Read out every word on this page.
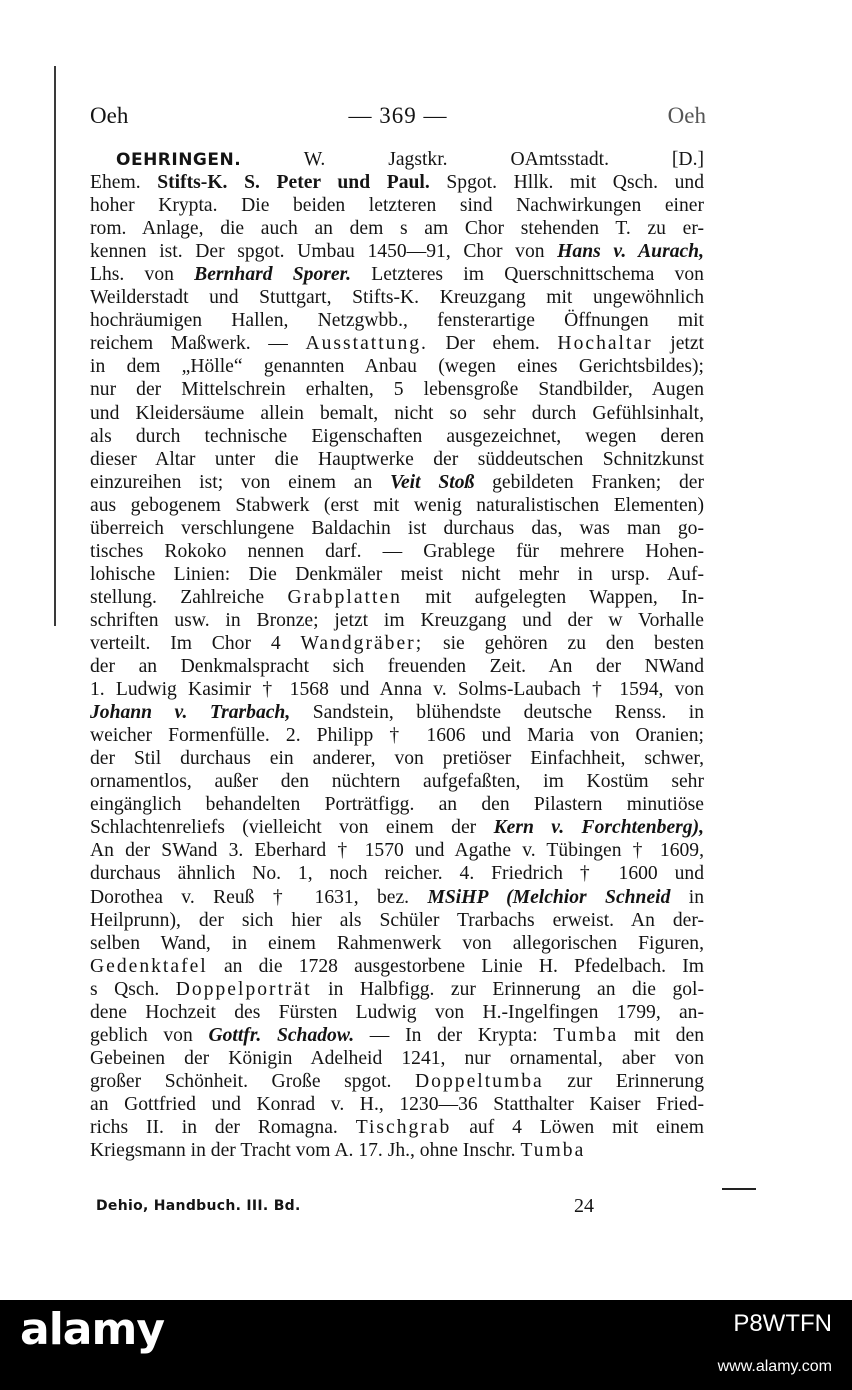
Oeh	— 369 —	Oeh
OEHRINGEN. W. Jagstkr. OAmtsstadt. [D.]
Ehem. Stifts-K. S. Peter und Paul. Spgot. Hllk. mit Qsch. und
hoher Krypta. Die beiden letzteren sind Nachwirkungen einer
rom. Anlage, die auch an dem s am Chor stehenden T. zu er-
kennen ist. Der spgot. Umbau 1450—91, Chor von Hans v. Aurach,
Lhs. von Bernhard Sporer. Letzteres im Querschnittschema von
Weilderstadt und Stuttgart, Stifts-K. Kreuzgang mit ungewöhnlich
hochräumigen Hallen, Netzgwbb., fensterartige Öffnungen mit
reichem Maßwerk. — Ausstattung. Der ehem. Hochaltar jetzt
in dem „Hölle“ genannten Anbau (wegen eines Gerichtsbildes);
nur der Mittelschrein erhalten, 5 lebensgroße Standbilder, Augen
und Kleidersäume allein bemalt, nicht so sehr durch Gefühlsinhalt,
als durch technische Eigenschaften ausgezeichnet, wegen deren
dieser Altar unter die Hauptwerke der süddeutschen Schnitzkunst
einzureihen ist; von einem an Veit Stoß gebildeten Franken; der
aus gebogenem Stabwerk (erst mit wenig naturalistischen Elementen)
überreich verschlungene Baldachin ist durchaus das, was man go-
tisches Rokoko nennen darf. — Grablege für mehrere Hohen-
lohische Linien: Die Denkmäler meist nicht mehr in ursp. Auf-
stellung. Zahlreiche Grabplatten mit aufgelegten Wappen, In-
schriften usw. in Bronze; jetzt im Kreuzgang und der w Vorhalle
verteilt. Im Chor 4 Wandgräber; sie gehören zu den besten
der an Denkmalspracht sich freuenden Zeit. An der NWand
1. Ludwig Kasimir † 1568 und Anna v. Solms-Laubach † 1594, von
Johann v. Trarbach, Sandstein, blühendste deutsche Renss. in
weicher Formenfülle. 2. Philipp † 1606 und Maria von Oranien;
der Stil durchaus ein anderer, von pretiöser Einfachheit, schwer,
ornamentlos, außer den nüchtern aufgefaßten, im Kostüm sehr
eingänglich behandelten Porträtfigg. an den Pilastern minutiöse
Schlachtenreliefs (vielleicht von einem der Kern v. Forchtenberg),
An der SWand 3. Eberhard † 1570 und Agathe v. Tübingen † 1609,
durchaus ähnlich No. 1, noch reicher. 4. Friedrich † 1600 und
Dorothea v. Reuß † 1631, bez. MSiHP (Melchior Schneid in
Heilprunn), der sich hier als Schüler Trarbachs erweist. An der-
selben Wand, in einem Rahmenwerk von allegorischen Figuren,
Gedenktafel an die 1728 ausgestorbene Linie H. Pfedelbach. Im
s Qsch. Doppelporträt in Halbfigg. zur Erinnerung an die gol-
dene Hochzeit des Fürsten Ludwig von H.-Ingelfingen 1799, an-
geblich von Gottfr. Schadow. — In der Krypta: Tumba mit den
Gebeinen der Königin Adelheid 1241, nur ornamental, aber von
großer Schönheit. Große spgot. Doppeltumba zur Erinnerung
an Gottfried und Konrad v. H., 1230—36 Statthalter Kaiser Fried-
richs II. in der Romagna. Tischgrab auf 4 Löwen mit einem
Kriegsmann in der Tracht vom A. 17. Jh., ohne Inschr. Tumba
Dehio, Handbuch. III. Bd.	24
alamy	P8WTFN
www.alamy.com
